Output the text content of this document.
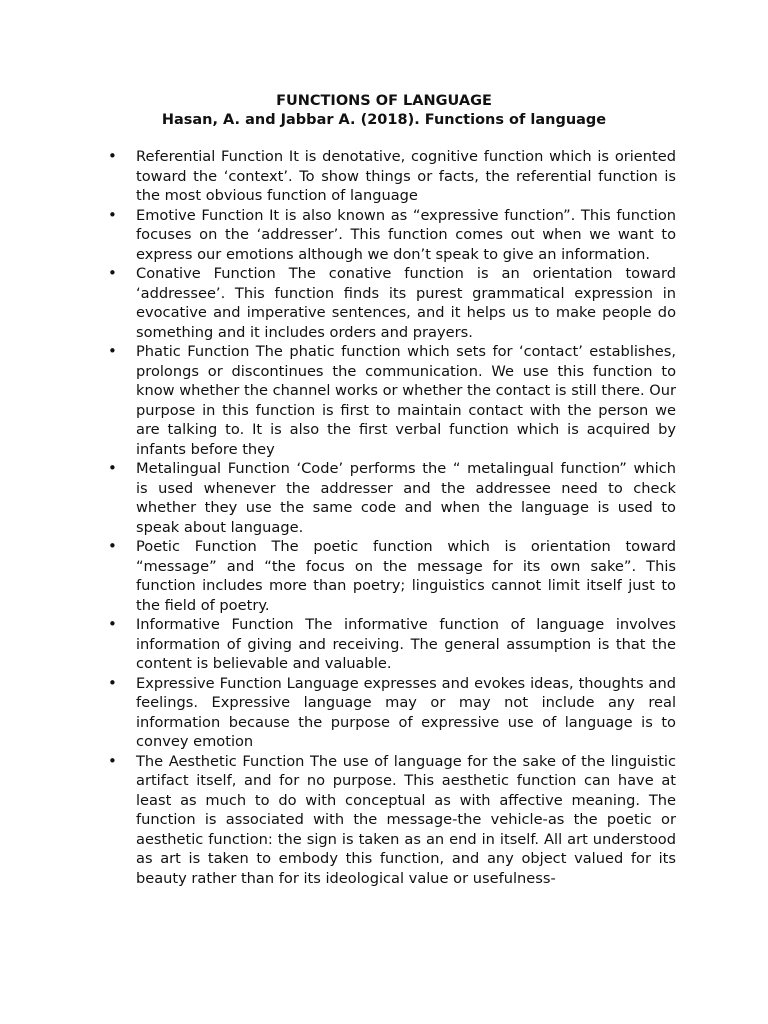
FUNCTIONS OF LANGUAGE
Hasan, A. and Jabbar A. (2018). Functions of language
• Referential Function It is denotative, cognitive function which is oriented toward the ‘context’. To show things or facts, the referential function is the most obvious function of language
• Emotive Function It is also known as “expressive function”. This function focuses on the ‘addresser’. This function comes out when we want to express our emotions although we don’t speak to give an information.
• Conative Function The conative function is an orientation toward ‘addressee’. This function finds its purest grammatical expression in evocative and imperative sentences, and it helps us to make people do something and it includes orders and prayers.
• Phatic Function The phatic function which sets for ‘contact’ establishes, prolongs or discontinues the communication. We use this function to know whether the channel works or whether the contact is still there. Our purpose in this function is first to maintain contact with the person we are talking to. It is also the first verbal function which is acquired by infants before they
• Metalingual Function ‘Code’ performs the “ metalingual function” which is used whenever the addresser and the addressee need to check whether they use the same code and when the language is used to speak about language.
• Poetic Function The poetic function which is orientation toward “message” and “the focus on the message for its own sake”. This function includes more than poetry; linguistics cannot limit itself just to the field of poetry.
• Informative Function The informative function of language involves information of giving and receiving. The general assumption is that the content is believable and valuable.
• Expressive Function Language expresses and evokes ideas, thoughts and feelings. Expressive language may or may not include any real information because the purpose of expressive use of language is to convey emotion
• The Aesthetic Function The use of language for the sake of the linguistic artifact itself, and for no purpose. This aesthetic function can have at least as much to do with conceptual as with affective meaning. The function is associated with the message-the vehicle-as the poetic or aesthetic function: the sign is taken as an end in itself. All art understood as art is taken to embody this function, and any object valued for its beauty rather than for its ideological value or usefulness-
